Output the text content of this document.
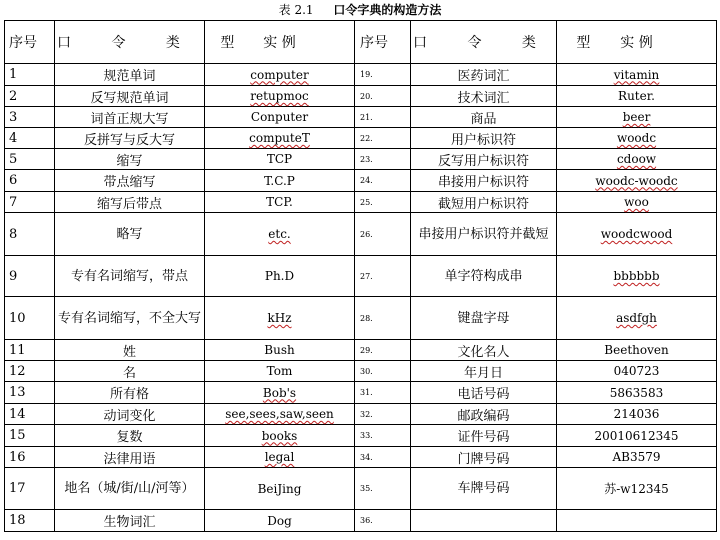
表 2.1 口令字典的构造方法
序号	口 令 类 型	实 例	序号	口 令 类 型	实 例
1	规范单词	computer	19.	医药词汇	vitamin
2	反写规范单词	retupmoc	20.	技术词汇	Ruter.
3	词首正规大写	Conputer	21.	商品	beer
4	反拼写与反大写	computeT	22.	用户标识符	woodc
5	缩写	TCP	23.	反写用户标识符	cdoow
6	带点缩写	T.C.P	24.	串接用户标识符	woodc-woodc
7	缩写后带点	TCP.	25.	截短用户标识符	woo
8	略写	etc.	26.	串接用户标识符并截短	woodcwood
9	专有名词缩写，带点	Ph.D	27.	单字符构成串	bbbbbb
10	专有名词缩写，不全大写	kHz	28.	键盘字母	asdfgh
11	姓	Bush	29.	文化名人	Beethoven
12	名	Tom	30.	年月日	040723
13	所有格	Bob's	31.	电话号码	5863583
14	动词变化	see,sees,saw,seen	32.	邮政编码	214036
15	复数	books	33.	证件号码	20010612345
16	法律用语	legal	34.	门牌号码	AB3579
17	地名（城/街/山/河等）	BeiJing	35.	车牌号码	苏-w12345
18	生物词汇	Dog	36.		
